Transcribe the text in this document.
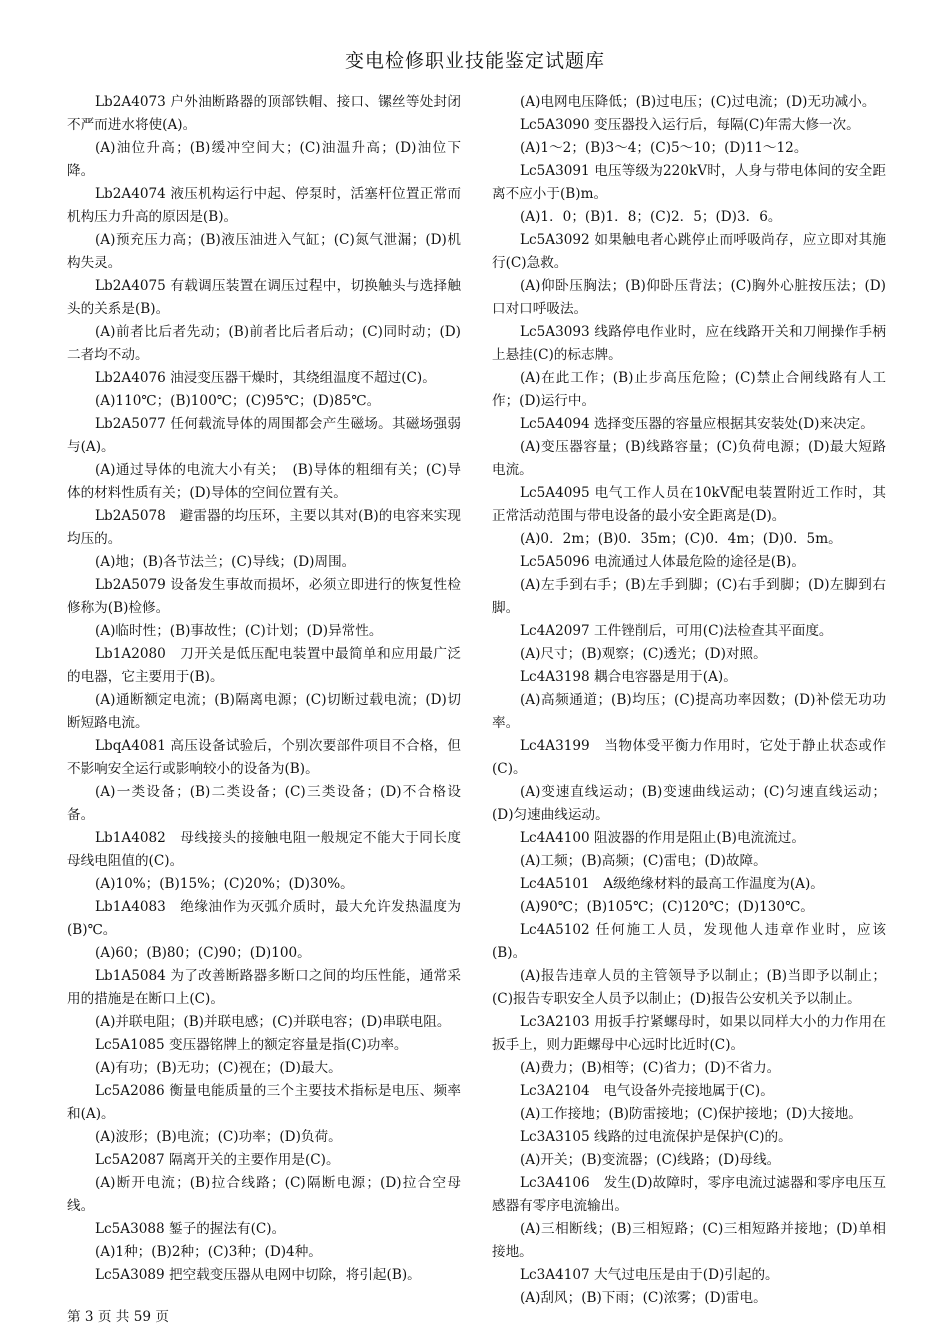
变电检修职业技能鉴定试题库

Lb2A4073 户外油断路器的顶部铁帽、接口、镙丝等处封闭不严而进水将使(A)。

(A)油位升高；(B)缓冲空间大；(C)油温升高；(D)油位下降。

Lb2A4074 液压机构运行中起、停泵时，活塞杆位置正常而机构压力升高的原因是(B)。

(A)预充压力高；(B)液压油进入气缸；(C)氮气泄漏；(D)机构失灵。

Lb2A4075 有载调压装置在调压过程中，切换触头与选择触头的关系是(B)。

(A)前者比后者先动；(B)前者比后者后动；(C)同时动；(D)二者均不动。

Lb2A4076 油浸变压器干燥时，其绕组温度不超过(C)。

(A)110℃；(B)100℃；(C)95℃；(D)85℃。

Lb2A5077 任何载流导体的周围都会产生磁场。其磁场强弱与(A)。

(A)通过导体的电流大小有关；　(B)导体的粗细有关；(C)导体的材料性质有关；(D)导体的空间位置有关。

Lb2A5078　避雷器的均压环，主要以其对(B)的电容来实现均压的。

(A)地；(B)各节法兰；(C)导线；(D)周围。

Lb2A5079 设备发生事故而损坏，必须立即进行的恢复性检修称为(B)检修。

(A)临时性；(B)事故性；(C)计划；(D)异常性。

Lb1A2080　刀开关是低压配电装置中最简单和应用最广泛的电器，它主要用于(B)。

(A)通断额定电流；(B)隔离电源；(C)切断过载电流；(D)切断短路电流。

LbqA4081 高压设备试验后，个别次要部件项目不合格，但不影响安全运行或影响较小的设备为(B)。

(A)一类设备；(B)二类设备；(C)三类设备；(D)不合格设备。

Lb1A4082　母线接头的接触电阻一般规定不能大于同长度母线电阻值的(C)。

(A)10%；(B)15%；(C)20%；(D)30%。

Lb1A4083　绝缘油作为灭弧介质时，最大允许发热温度为(B)℃。

(A)60；(B)80；(C)90；(D)100。

Lb1A5084 为了改善断路器多断口之间的均压性能，通常采用的措施是在断口上(C)。

(A)并联电阻；(B)并联电感；(C)并联电容；(D)串联电阻。

Lc5A1085 变压器铭牌上的额定容量是指(C)功率。

(A)有功；(B)无功；(C)视在；(D)最大。

Lc5A2086 衡量电能质量的三个主要技术指标是电压、频率和(A)。

(A)波形；(B)电流；(C)功率；(D)负荷。

Lc5A2087 隔离开关的主要作用是(C)。

(A)断开电流；(B)拉合线路；(C)隔断电源；(D)拉合空母线。

Lc5A3088 錾子的握法有(C)。

(A)1种；(B)2种；(C)3种；(D)4种。

Lc5A3089 把空载变压器从电网中切除，将引起(B)。

(A)电网电压降低；(B)过电压；(C)过电流；(D)无功减小。

Lc5A3090 变压器投入运行后，每隔(C)年需大修一次。

(A)1～2；(B)3～4；(C)5～10；(D)11～12。

Lc5A3091 电压等级为220kV时，人身与带电体间的安全距离不应小于(B)m。

(A)1．0；(B)1．8；(C)2．5；(D)3．6。

Lc5A3092 如果触电者心跳停止而呼吸尚存，应立即对其施行(C)急救。

(A)仰卧压胸法；(B)仰卧压背法；(C)胸外心脏按压法；(D)口对口呼吸法。

Lc5A3093 线路停电作业时，应在线路开关和刀闸操作手柄上悬挂(C)的标志牌。

(A)在此工作；(B)止步高压危险；(C)禁止合闸线路有人工作；(D)运行中。

Lc5A4094 选择变压器的容量应根据其安装处(D)来决定。

(A)变压器容量；(B)线路容量；(C)负荷电源；(D)最大短路电流。

Lc5A4095 电气工作人员在10kV配电装置附近工作时，其正常活动范围与带电设备的最小安全距离是(D)。

(A)0．2m；(B)0．35m；(C)0．4m；(D)0．5m。

Lc5A5096 电流通过人体最危险的途径是(B)。

(A)左手到右手；(B)左手到脚；(C)右手到脚；(D)左脚到右脚。

Lc4A2097 工件锉削后，可用(C)法检查其平面度。

(A)尺寸；(B)观察；(C)透光；(D)对照。

Lc4A3198 耦合电容器是用于(A)。

(A)高频通道；(B)均压；(C)提高功率因数；(D)补偿无功功率。

Lc4A3199　当物体受平衡力作用时，它处于静止状态或作(C)。

(A)变速直线运动；(B)变速曲线运动；(C)匀速直线运动；(D)匀速曲线运动。

Lc4A4100 阻波器的作用是阻止(B)电流流过。

(A)工频；(B)高频；(C)雷电；(D)故障。

Lc4A5101　A级绝缘材料的最高工作温度为(A)。

(A)90℃；(B)105℃；(C)120℃；(D)130℃。

Lc4A5102 任何施工人员，发现他人违章作业时，应该(B)。

(A)报告违章人员的主管领导予以制止；(B)当即予以制止；(C)报告专职安全人员予以制止；(D)报告公安机关予以制止。

Lc3A2103 用扳手拧紧螺母时，如果以同样大小的力作用在扳手上，则力距螺母中心远时比近时(C)。

(A)费力；(B)相等；(C)省力；(D)不省力。

Lc3A2104　电气设备外壳接地属于(C)。

(A)工作接地；(B)防雷接地；(C)保护接地；(D)大接地。

Lc3A3105 线路的过电流保护是保护(C)的。

(A)开关；(B)变流器；(C)线路；(D)母线。

Lc3A4106　发生(D)故障时，零序电流过滤器和零序电压互感器有零序电流输出。

(A)三相断线；(B)三相短路；(C)三相短路并接地；(D)单相接地。

Lc3A4107 大气过电压是由于(D)引起的。

(A)刮风；(B)下雨；(C)浓雾；(D)雷电。

第 3 页 共 59 页
